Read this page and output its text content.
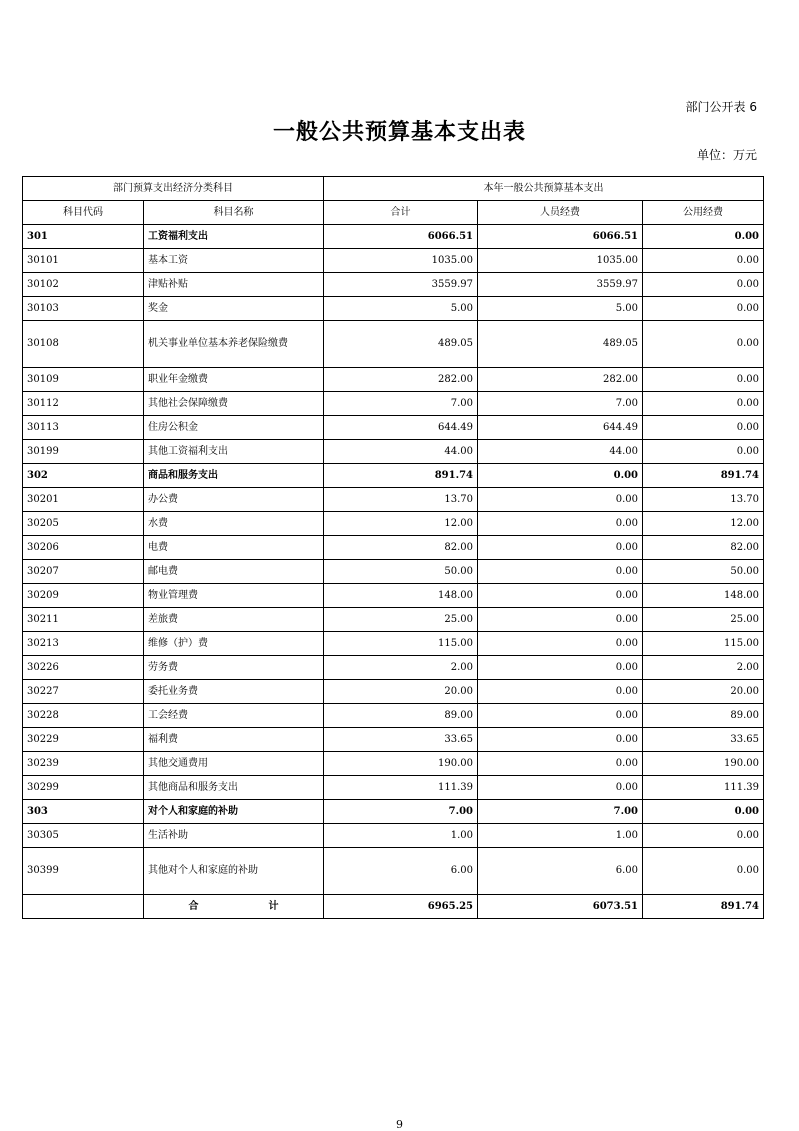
部门公开表 6
一般公共预算基本支出表
单位：万元
部门预算支出经济分类科目		本年一般公共预算基本支出		
科目代码	科目名称	合计	人员经费	公用经费
301	工资福利支出	6066.51	6066.51	0.00
30101	基本工资	1035.00	1035.00	0.00
30102	津贴补贴	3559.97	3559.97	0.00
30103	奖金	5.00	5.00	0.00
30108	机关事业单位基本养老保险缴费	489.05	489.05	0.00
30109	职业年金缴费	282.00	282.00	0.00
30112	其他社会保障缴费	7.00	7.00	0.00
30113	住房公积金	644.49	644.49	0.00
30199	其他工资福利支出	44.00	44.00	0.00
302	商品和服务支出	891.74	0.00	891.74
30201	办公费	13.70	0.00	13.70
30205	水费	12.00	0.00	12.00
30206	电费	82.00	0.00	82.00
30207	邮电费	50.00	0.00	50.00
30209	物业管理费	148.00	0.00	148.00
30211	差旅费	25.00	0.00	25.00
30213	维修（护）费	115.00	0.00	115.00
30226	劳务费	2.00	0.00	2.00
30227	委托业务费	20.00	0.00	20.00
30228	工会经费	89.00	0.00	89.00
30229	福利费	33.65	0.00	33.65
30239	其他交通费用	190.00	0.00	190.00
30299	其他商品和服务支出	111.39	0.00	111.39
303	对个人和家庭的补助	7.00	7.00	0.00
30305	生活补助	1.00	1.00	0.00
30399	其他对个人和家庭的补助	6.00	6.00	0.00
	合 计	6965.25	6073.51	891.74
9
